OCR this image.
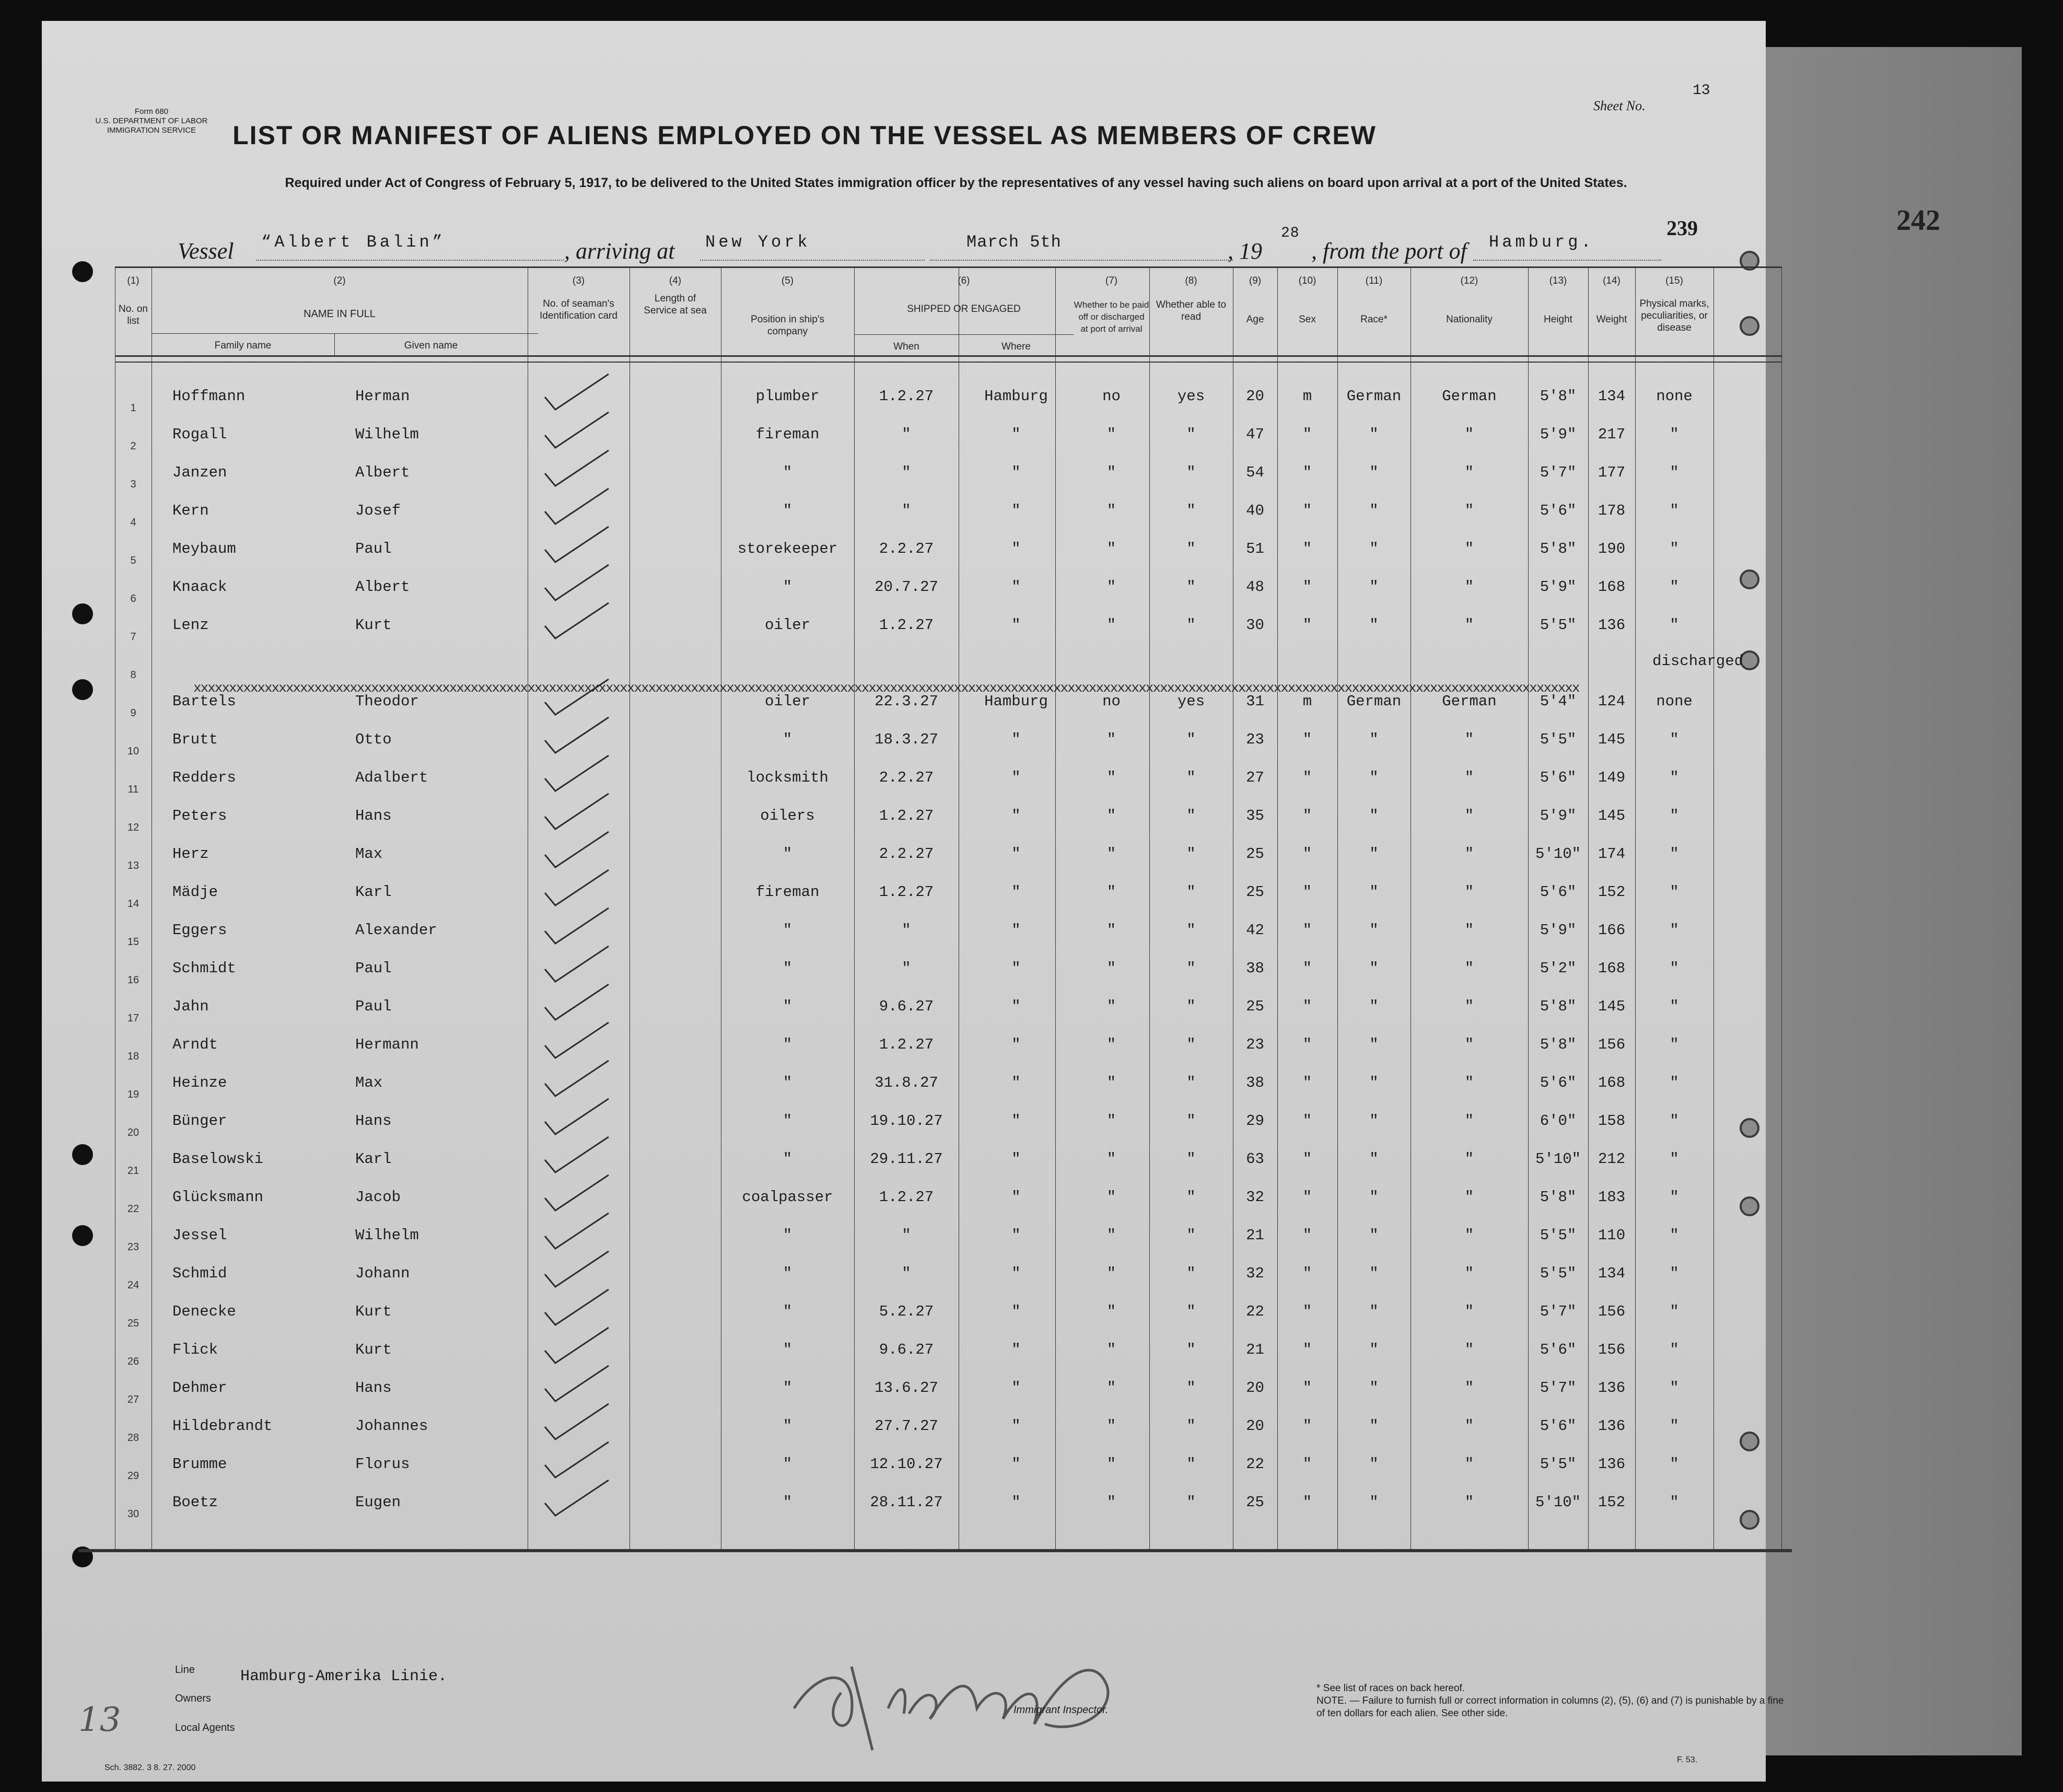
242
Form 680
U.S. DEPARTMENT OF LABOR
IMMIGRATION SERVICE
Sheet No.
13
LIST OR MANIFEST OF ALIENS EMPLOYED ON THE VESSEL AS MEMBERS OF CREW
Required under Act of Congress of February 5, 1917, to be delivered to the United States immigration officer by the representatives of any vessel having such aliens on board upon arrival at a port of the United States.
Vessel “Albert Balin”	, arriving at New York	March 5th	, 19
28
, from the port of Hamburg.
239
(1)	(2)	(3)	(4)	(5)	(6)	(7)	(8)	(9)	(10)	(11)	(12)	(13)	(14)	(15)
No. on list
NAME IN FULL
Family name	Given name
No. of seaman's Identification card
Length of Service at sea
Position in ship's company
SHIPPED OR ENGAGED
When	Where
Whether to be paid off or discharged at port of arrival
Whether able to read	Age	Sex	Race*	Nationality	Height	Weight
Physical marks, peculiarities, or disease
1
Hoffmann	Herman	plumber	1.2.27	Hamburg	no	yes	20	m	German	German	5'8"	134	none
2
Rogall	Wilhelm	fireman	"	"	"	"	47	"	"	"	5'9"	217	"
3
Janzen	Albert	"	"	"	"	"	54	"	"	"	5'7"	177	"
4
Kern	Josef	"	"	"	"	"	40	"	"	"	5'6"	178	"
5
Meybaum	Paul	storekeeper	2.2.27	"	"	"	51	"	"	"	5'8"	190	"
6
Knaack	Albert	"	20.7.27	"	"	"	48	"	"	"	5'9"	168	"
7
Lenz	Kurt	oiler	1.2.27	"	"	"	30	"	"	"	5'5"	136	"
8
discharged
9
Bartels	Theodor	oiler	22.3.27	Hamburg	no	yes	31	m	German	German	5'4"	124	none
10
Brutt	Otto	"	18.3.27	"	"	"	23	"	"	"	5'5"	145	"
11
Redders	Adalbert	locksmith	2.2.27	"	"	"	27	"	"	"	5'6"	149	"
12
Peters	Hans	oilers	1.2.27	"	"	"	35	"	"	"	5'9"	145	"
13
Herz	Max	"	2.2.27	"	"	"	25	"	"	"	5'10"	174	"
14
Mädje	Karl	fireman	1.2.27	"	"	"	25	"	"	"	5'6"	152	"
15
Eggers	Alexander	"	"	"	"	"	42	"	"	"	5'9"	166	"
16
Schmidt	Paul	"	"	"	"	"	38	"	"	"	5'2"	168	"
17
Jahn	Paul	"	9.6.27	"	"	"	25	"	"	"	5'8"	145	"
18
Arndt	Hermann	"	1.2.27	"	"	"	23	"	"	"	5'8"	156	"
19
Heinze	Max	"	31.8.27	"	"	"	38	"	"	"	5'6"	168	"
20
Bünger	Hans	"	19.10.27	"	"	"	29	"	"	"	6'0"	158	"
21
Baselowski	Karl	"	29.11.27	"	"	"	63	"	"	"	5'10"	212	"
22
Glücksmann	Jacob	coalpasser	1.2.27	"	"	"	32	"	"	"	5'8"	183	"
23
Jessel	Wilhelm	"	"	"	"	"	21	"	"	"	5'5"	110	"
24
Schmid	Johann	"	"	"	"	"	32	"	"	"	5'5"	134	"
25
Denecke	Kurt	"	5.2.27	"	"	"	22	"	"	"	5'7"	156	"
26
Flick	Kurt	"	9.6.27	"	"	"	21	"	"	"	5'6"	156	"
27
Dehmer	Hans	"	13.6.27	"	"	"	20	"	"	"	5'7"	136	"
28
Hildebrandt	Johannes	"	27.7.27	"	"	"	20	"	"	"	5'6"	136	"
29
Brumme	Florus	"	12.10.27	"	"	"	22	"	"	"	5'5"	136	"
30
Boetz	Eugen	"	28.11.27	"	"	"	25	"	"	"	5'10"	152	"
xxxxxxxxxxxxxxxxxxxxxxxxxxxxxxxxxxxxxxxxxxxxxxxxxxxxxxxxxxxxxxxxxxxxxxxxxxxxxxxxxxxxxxxxxxxxxxxxxxxxxxxxxxxxxxxxxxxxxxxxxxxxxxxxxxxxxxxxxxxxxxxxxxxxxxxxxxxxxxxxxxxxxxxxxxxxxxxxxxxxxxxxxxxxxxxxxxx
Line	Hamburg-Amerika Linie.
Owners
Local Agents
Immigrant Inspector.
* See list of races on back hereof.
NOTE. — Failure to furnish full or correct information in columns (2), (5), (6) and (7) is punishable by a fine of ten dollars for each alien. See other side.
F. 53.
Sch. 3882. 3 8. 27. 2000
13
